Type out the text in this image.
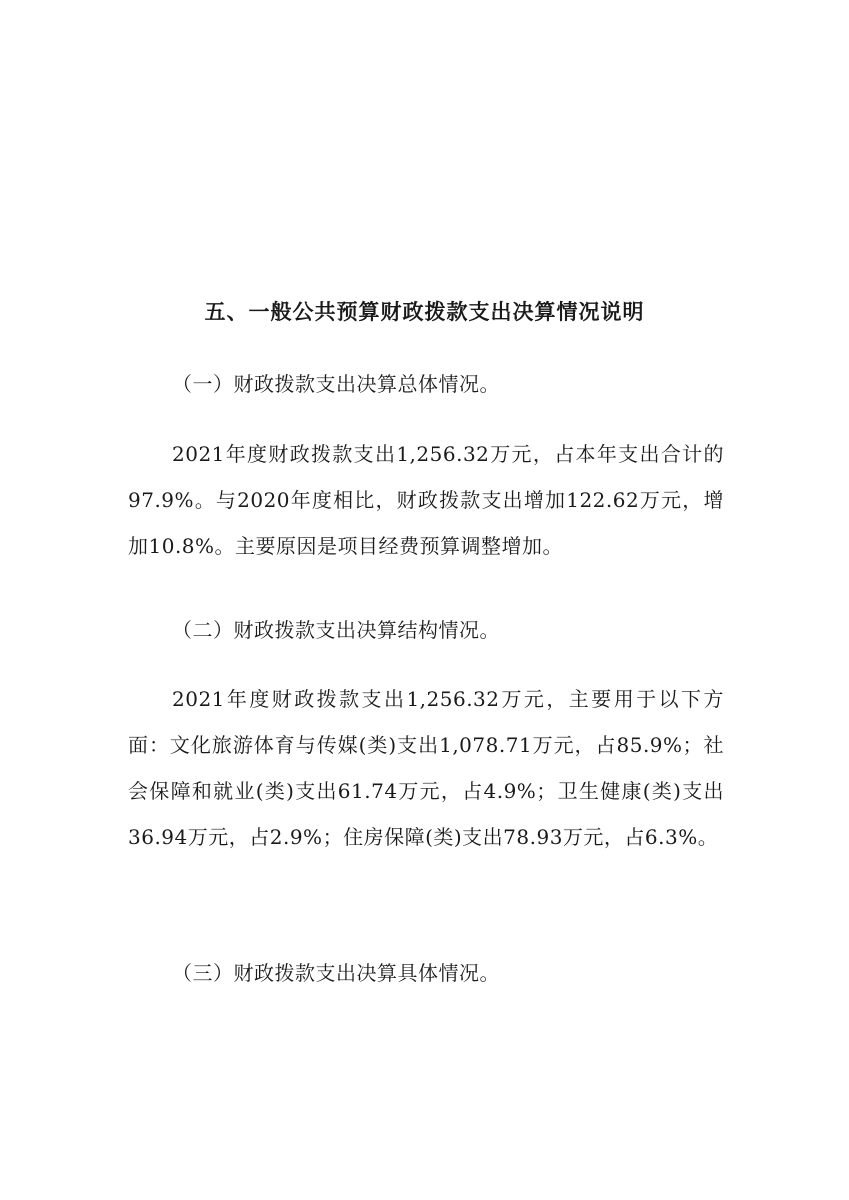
五、一般公共预算财政拨款支出决算情况说明

（一）财政拨款支出决算总体情况。

2021年度财政拨款支出1,256.32万元，占本年支出合计的97.9%。与2020年度相比，财政拨款支出增加122.62万元，增加10.8%。主要原因是项目经费预算调整增加。

（二）财政拨款支出决算结构情况。

2021年度财政拨款支出1,256.32万元，主要用于以下方面：文化旅游体育与传媒(类)支出1,078.71万元，占85.9%；社会保障和就业(类)支出61.74万元，占4.9%；卫生健康(类)支出36.94万元，占2.9%；住房保障(类)支出78.93万元，占6.3%。

（三）财政拨款支出决算具体情况。
